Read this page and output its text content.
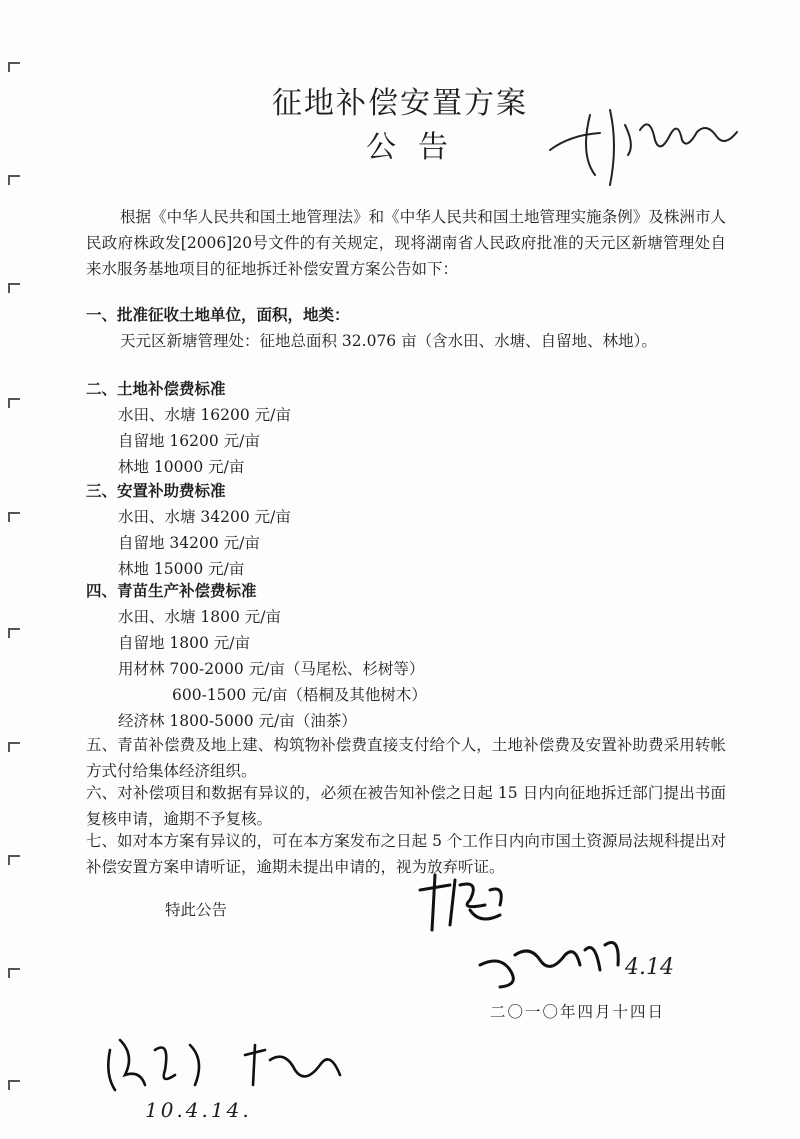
征地补偿安置方案
公告
根据《中华人民共和国土地管理法》和《中华人民共和国土地管理实施条例》及株洲市人民政府株政发[2006]20号文件的有关规定，现将湖南省人民政府批准的天元区新塘管理处自来水服务基地项目的征地拆迁补偿安置方案公告如下：
一、批准征收土地单位，面积，地类：
天元区新塘管理处：征地总面积 32.076 亩（含水田、水塘、自留地、林地）。
二、土地补偿费标准
水田、水塘 16200 元/亩
自留地 16200 元/亩
林地 10000 元/亩
三、安置补助费标准
水田、水塘 34200 元/亩
自留地 34200 元/亩
林地 15000 元/亩
四、青苗生产补偿费标准
水田、水塘 1800 元/亩
自留地 1800 元/亩
用材林 700-2000 元/亩（马尾松、杉树等）
600-1500 元/亩（梧桐及其他树木）
经济林 1800-5000 元/亩（油茶）
五、青苗补偿费及地上建、构筑物补偿费直接支付给个人，土地补偿费及安置补助费采用转帐方式付给集体经济组织。
六、对补偿项目和数据有异议的，必须在被告知补偿之日起 15 日内向征地拆迁部门提出书面复核申请，逾期不予复核。
七、如对本方案有异议的，可在本方案发布之日起 5 个工作日内向市国土资源局法规科提出对补偿安置方案申请听证，逾期未提出申请的，视为放弃听证。
特此公告
4.14
二〇一〇年四月十四日
10.4.14.
